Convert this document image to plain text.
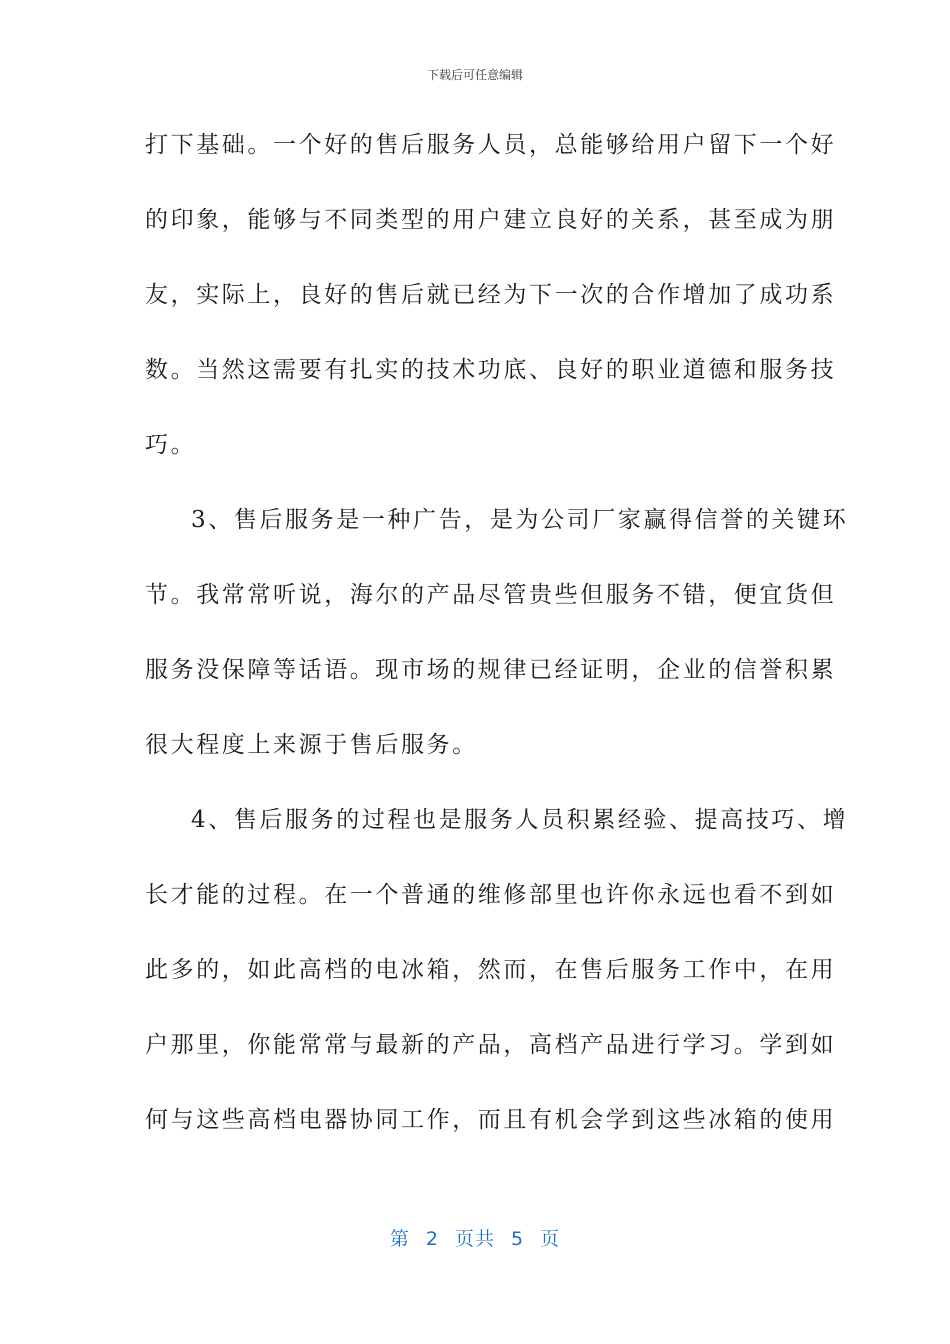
下载后可任意编辑
打下基础。一个好的售后服务人员，总能够给用户留下一个好
的印象，能够与不同类型的用户建立良好的关系，甚至成为朋
友，实际上，良好的售后就已经为下一次的合作增加了成功系
数。当然这需要有扎实的技术功底、良好的职业道德和服务技
巧。
3、售后服务是一种广告，是为公司厂家赢得信誉的关键环
节。我常常听说，海尔的产品尽管贵些但服务不错，便宜货但
服务没保障等话语。现市场的规律已经证明，企业的信誉积累
很大程度上来源于售后服务。
4、售后服务的过程也是服务人员积累经验、提高技巧、增
长才能的过程。在一个普通的维修部里也许你永远也看不到如
此多的，如此高档的电冰箱，然而，在售后服务工作中，在用
户那里，你能常常与最新的产品，高档产品进行学习。学到如
何与这些高档电器协同工作，而且有机会学到这些冰箱的使用
第 2 页共 5 页
